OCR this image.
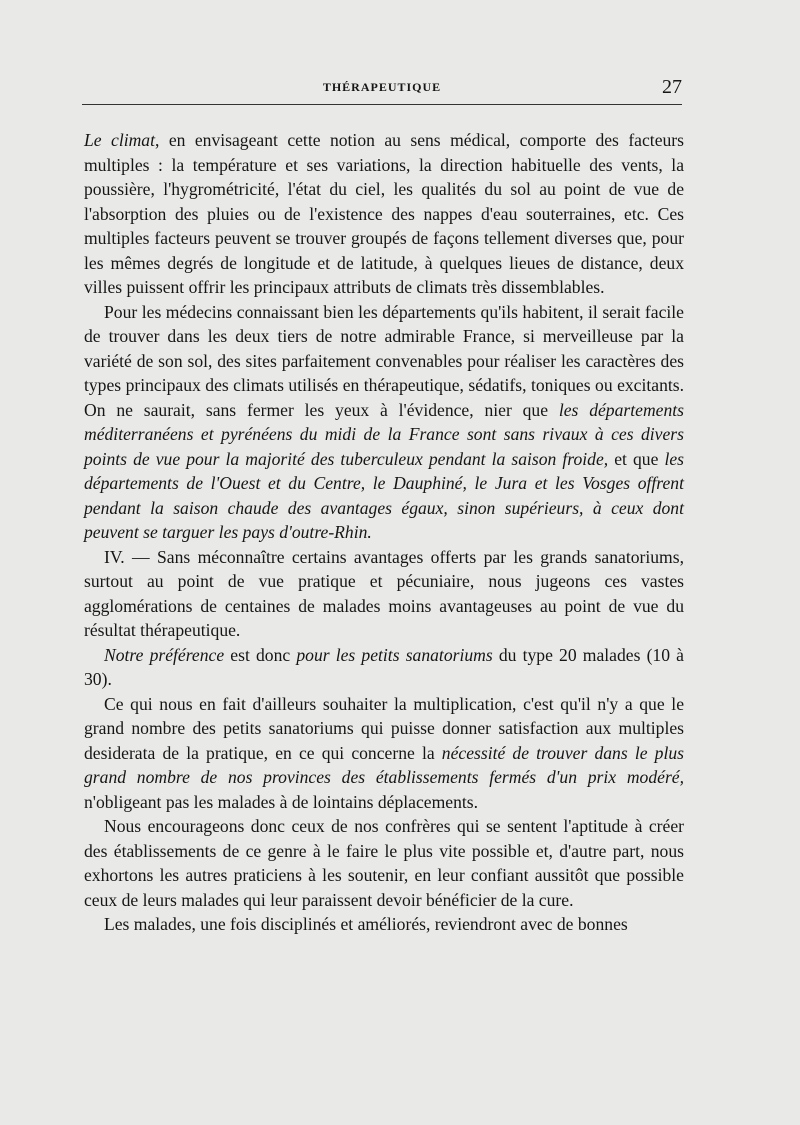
THÉRAPEUTIQUE	27

Le climat, en envisageant cette notion au sens médical, comporte des facteurs multiples : la température et ses variations, la direction habituelle des vents, la poussière, l'hygrométricité, l'état du ciel, les qualités du sol au point de vue de l'absorption des pluies ou de l'existence des nappes d'eau souterraines, etc. Ces multiples facteurs peuvent se trouver groupés de façons tellement diverses que, pour les mêmes degrés de longitude et de latitude, à quelques lieues de distance, deux villes puissent offrir les principaux attributs de climats très dissemblables.

Pour les médecins connaissant bien les départements qu'ils habitent, il serait facile de trouver dans les deux tiers de notre admirable France, si merveilleuse par la variété de son sol, des sites parfaitement convenables pour réaliser les caractères des types principaux des climats utilisés en thérapeutique, sédatifs, toniques ou excitants. On ne saurait, sans fermer les yeux à l'évidence, nier que les départements méditerranéens et pyrénéens du midi de la France sont sans rivaux à ces divers points de vue pour la majorité des tuberculeux pendant la saison froide, et que les départements de l'Ouest et du Centre, le Dauphiné, le Jura et les Vosges offrent pendant la saison chaude des avantages égaux, sinon supérieurs, à ceux dont peuvent se targuer les pays d'outre-Rhin.

IV. — Sans méconnaître certains avantages offerts par les grands sanatoriums, surtout au point de vue pratique et pécuniaire, nous jugeons ces vastes agglomérations de centaines de malades moins avantageuses au point de vue du résultat thérapeutique.

Notre préférence est donc pour les petits sanatoriums du type 20 malades (10 à 30).

Ce qui nous en fait d'ailleurs souhaiter la multiplication, c'est qu'il n'y a que le grand nombre des petits sanatoriums qui puisse donner satisfaction aux multiples desiderata de la pratique, en ce qui concerne la nécessité de trouver dans le plus grand nombre de nos provinces des établissements fermés d'un prix modéré, n'obligeant pas les malades à de lointains déplacements.

Nous encourageons donc ceux de nos confrères qui se sentent l'aptitude à créer des établissements de ce genre à le faire le plus vite possible et, d'autre part, nous exhortons les autres praticiens à les soutenir, en leur confiant aussitôt que possible ceux de leurs malades qui leur paraissent devoir bénéficier de la cure.

Les malades, une fois disciplinés et améliorés, reviendront avec de bonnes
